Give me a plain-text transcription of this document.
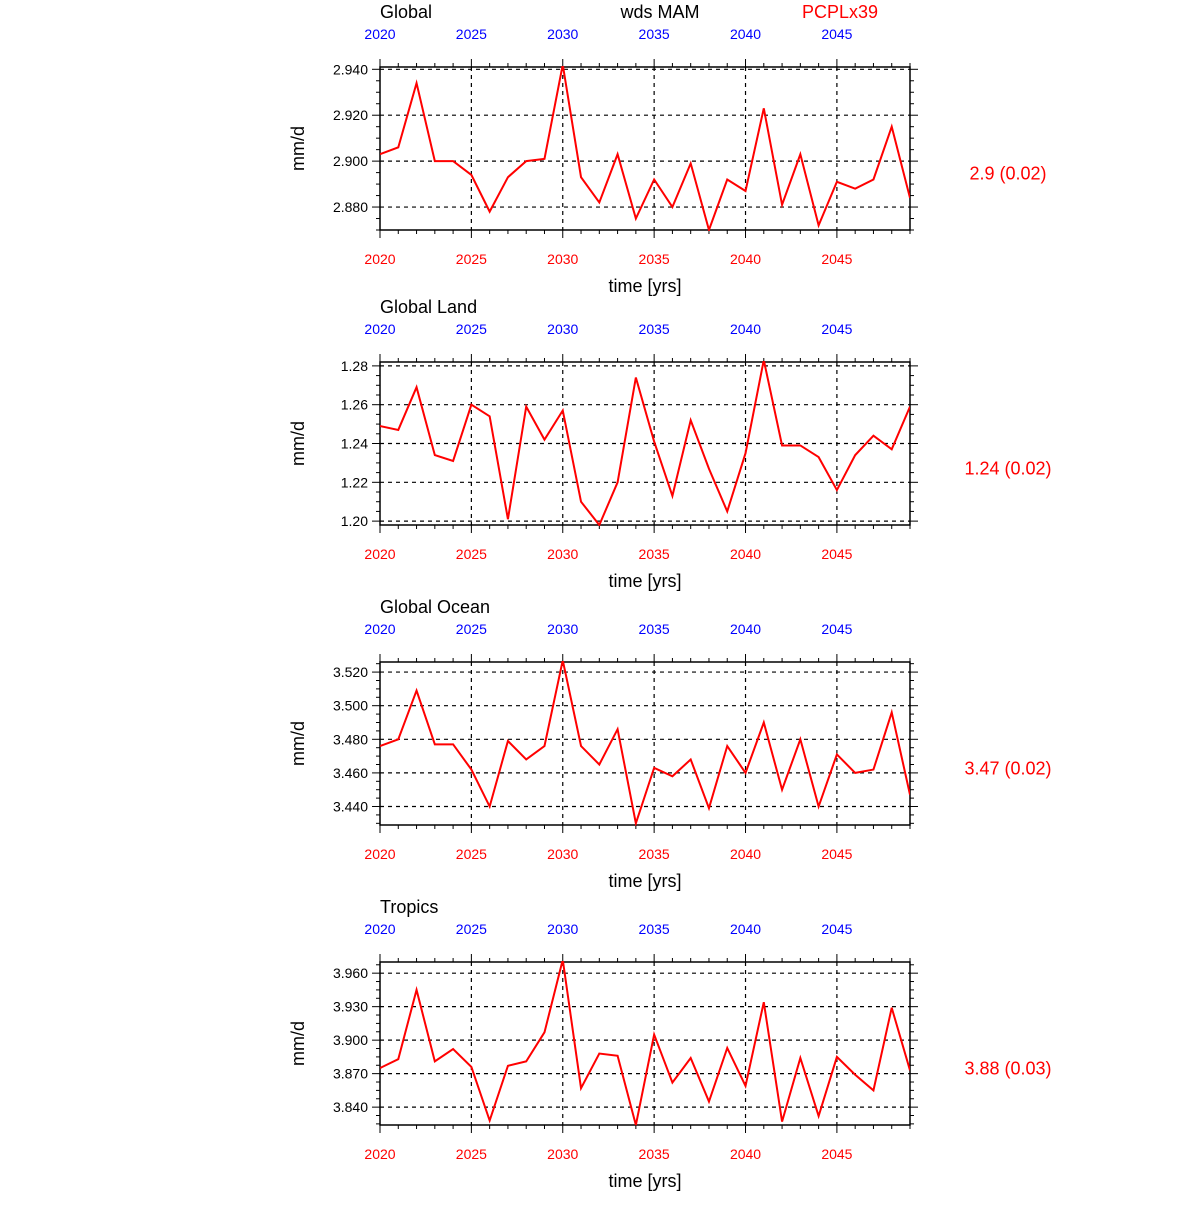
wds MAM	PCPLx39
Global
2.880
2.900
2.920
2.940
2020
2020
2025
2025
2030
2030
2035
2035
2040
2040
2045
2045
time [yrs]
mm/d
2.9 (0.02)
Global Land
1.20
1.22
1.24
1.26
1.28
2020
2020
2025
2025
2030
2030
2035
2035
2040
2040
2045
2045
time [yrs]
mm/d
1.24 (0.02)
Global Ocean
3.440
3.460
3.480
3.500
3.520
2020
2020
2025
2025
2030
2030
2035
2035
2040
2040
2045
2045
time [yrs]
mm/d
3.47 (0.02)
Tropics
3.840
3.870
3.900
3.930
3.960
2020
2020
2025
2025
2030
2030
2035
2035
2040
2040
2045
2045
time [yrs]
mm/d
3.88 (0.03)
